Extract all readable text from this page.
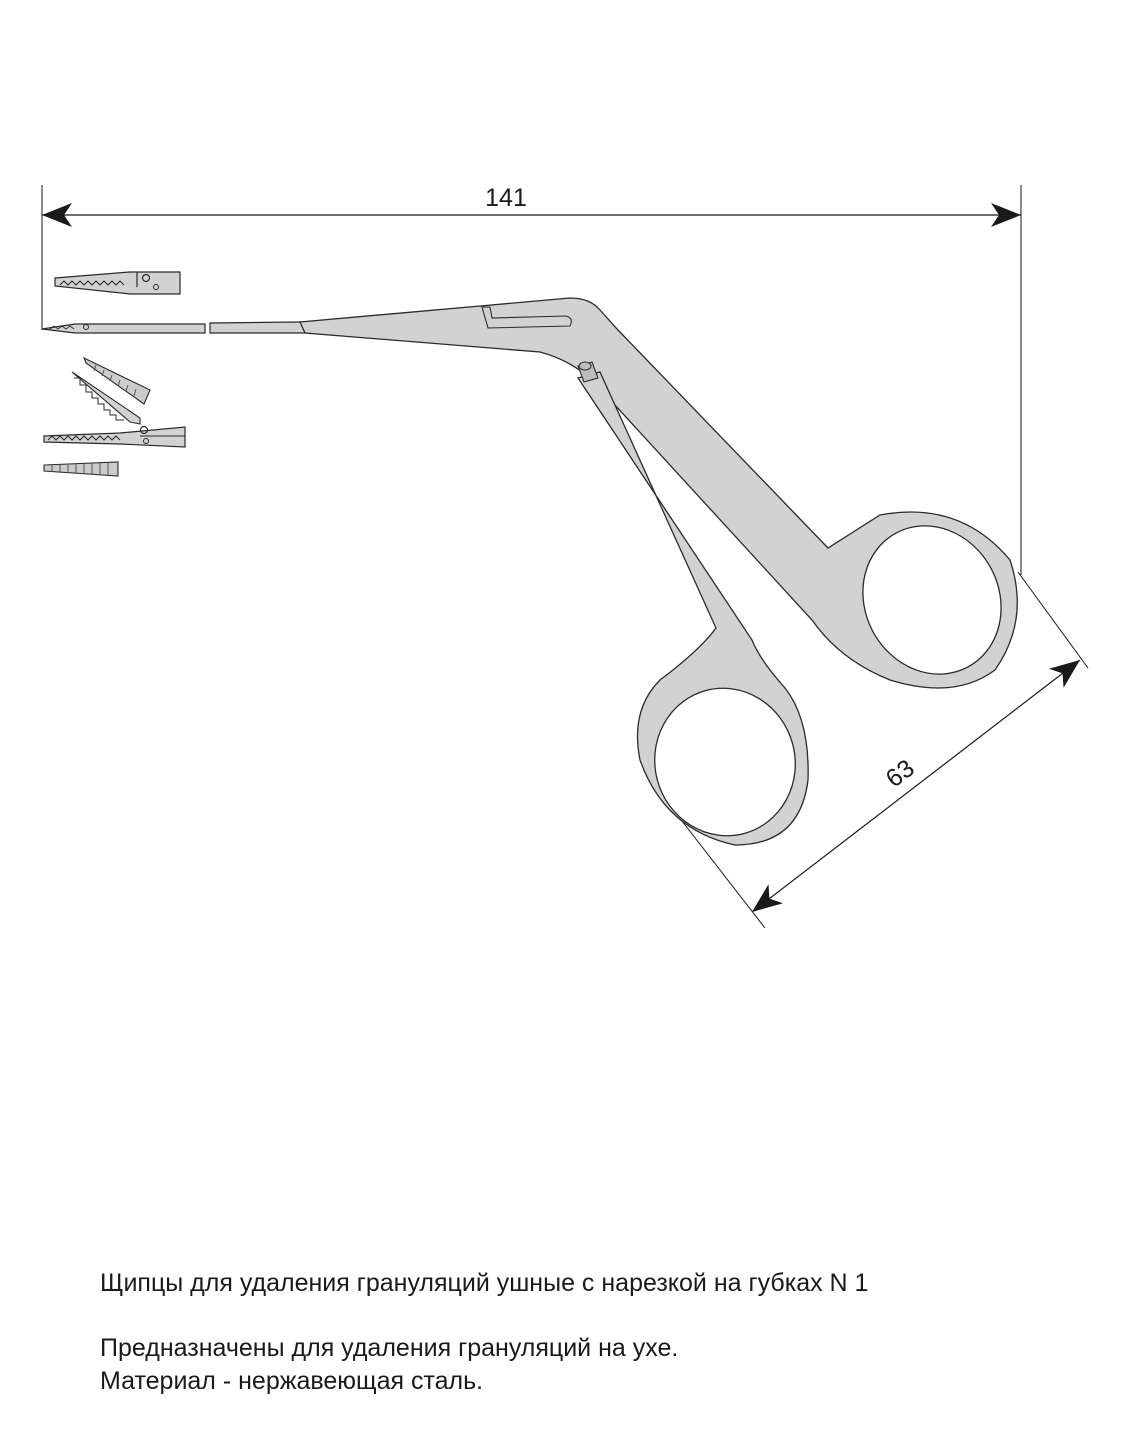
141
63

Щипцы для удаления грануляций ушные с нарезкой на губках N 1

Предназначены для удаления грануляций на ухе.

Материал - нержавеющая сталь.
